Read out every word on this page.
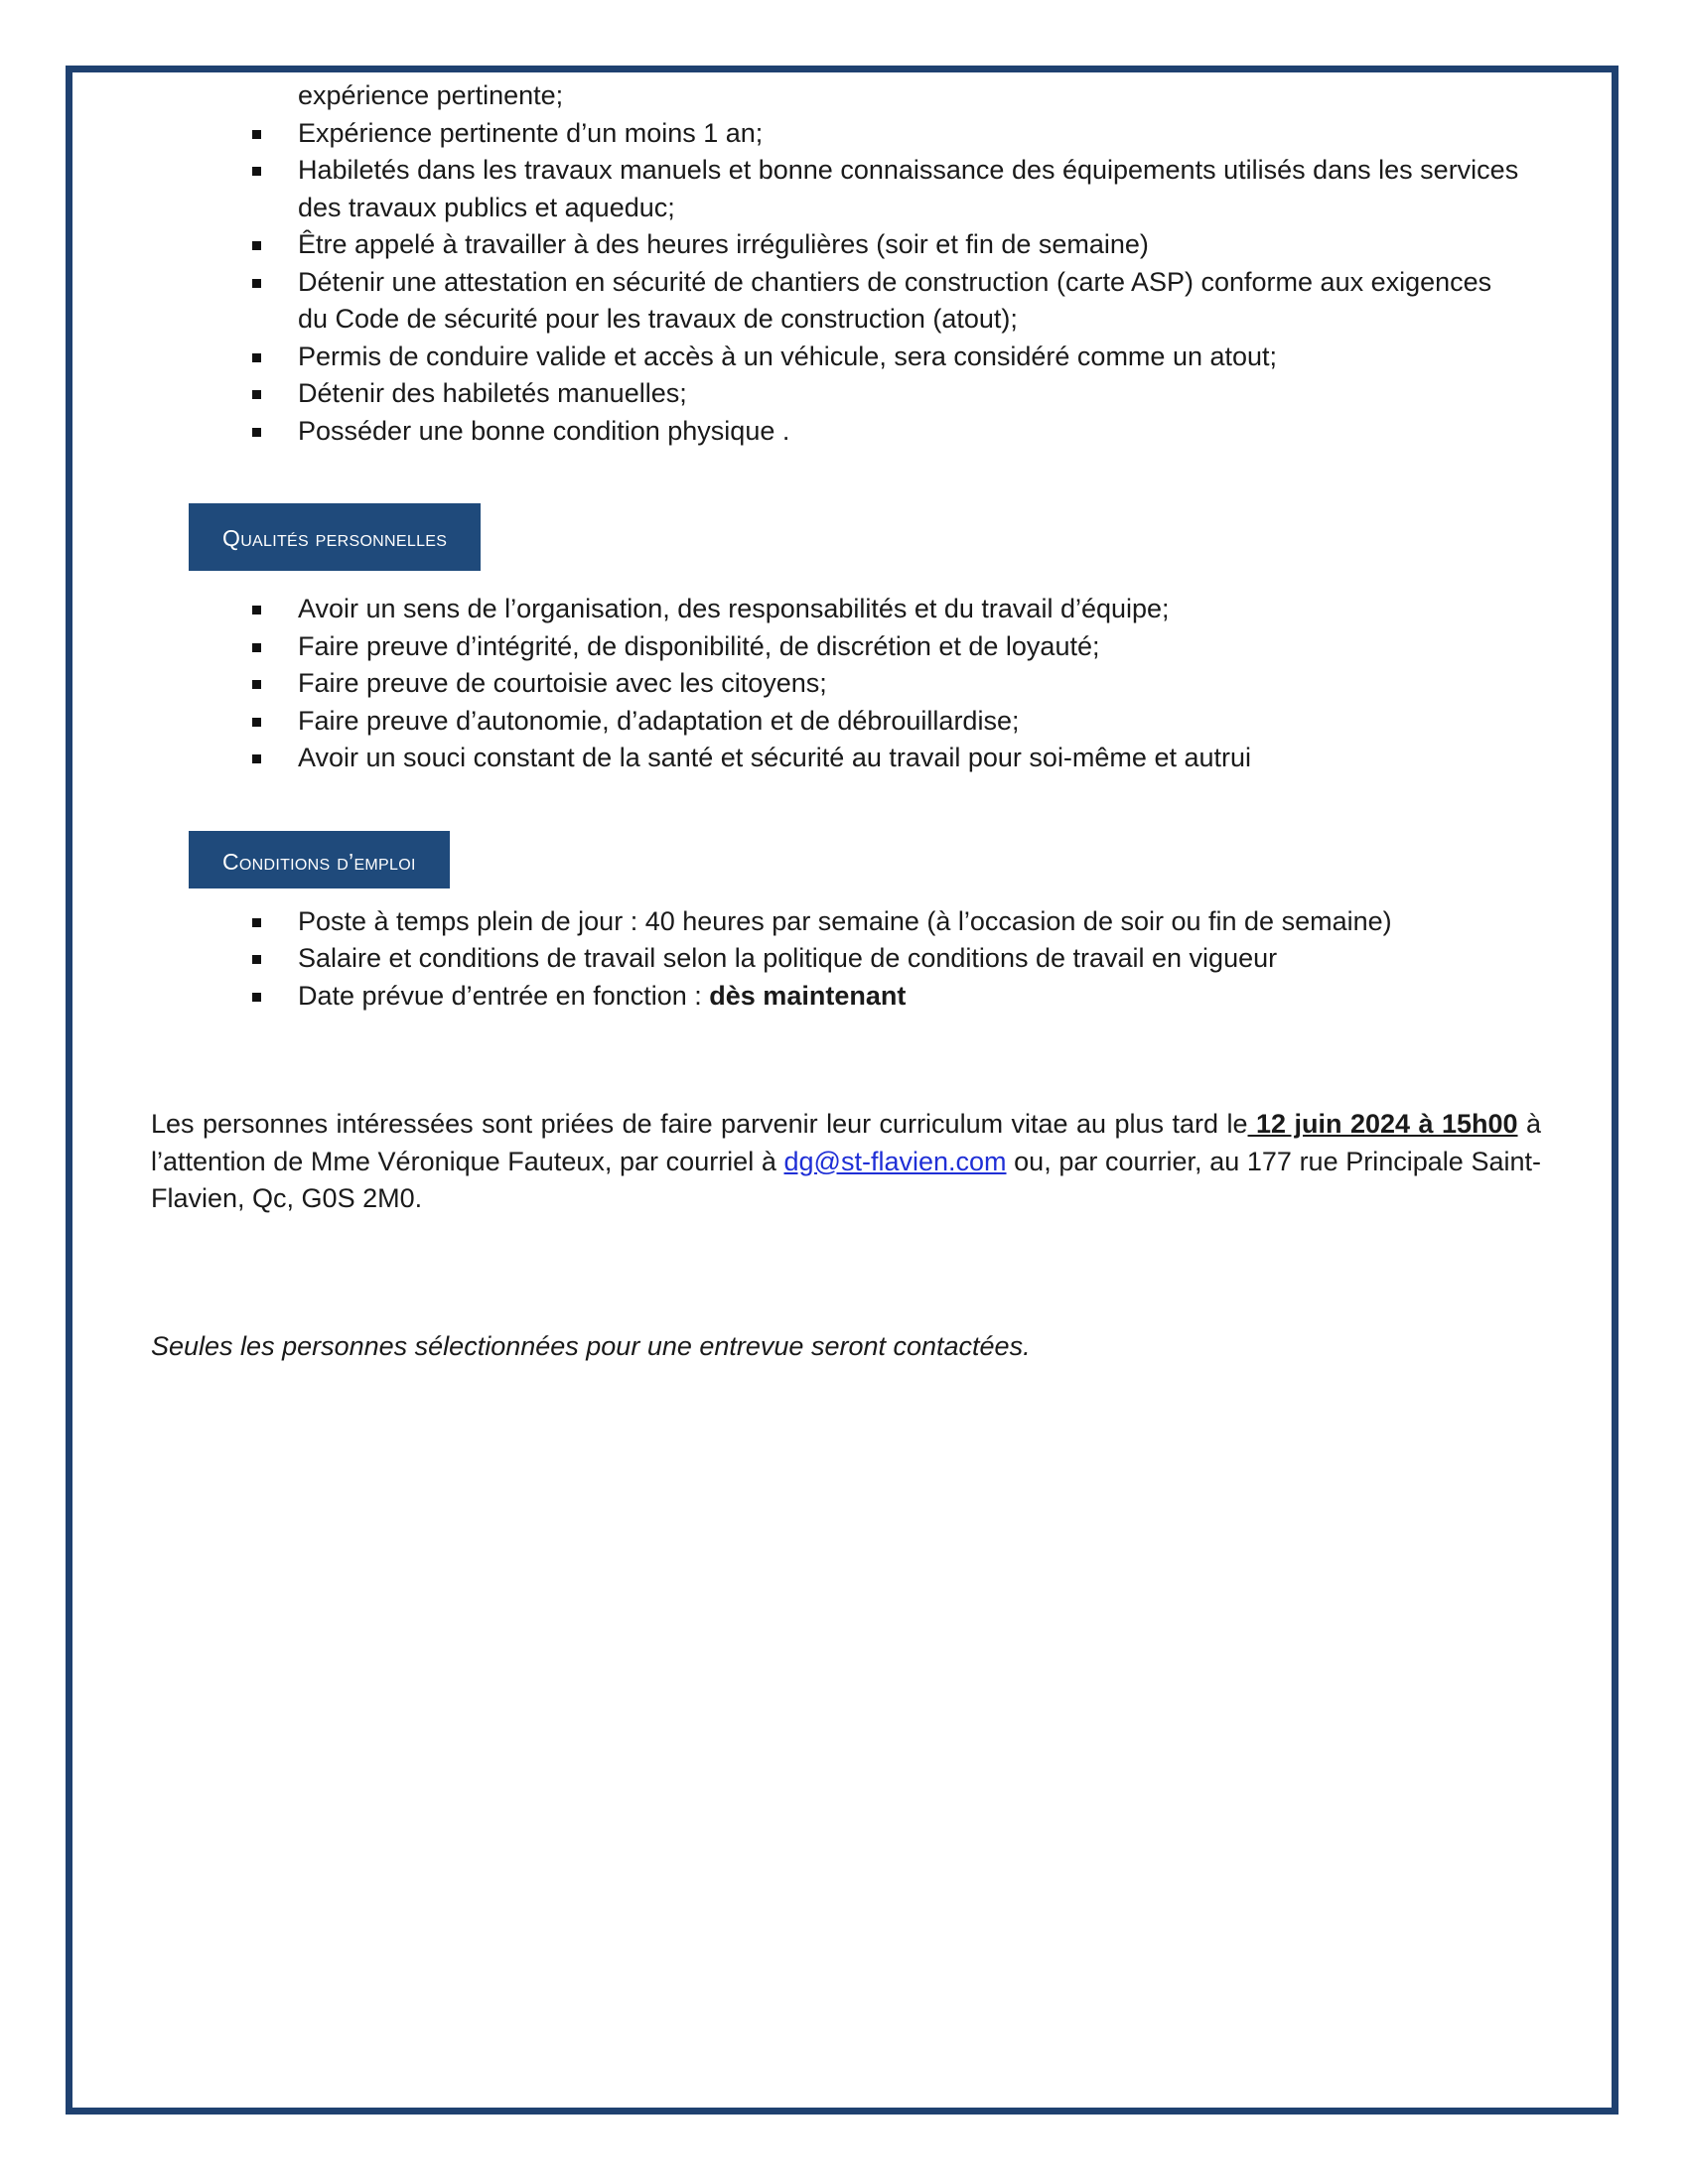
expérience pertinente;
Expérience pertinente d’un moins 1 an;
Habiletés dans les travaux manuels et bonne connaissance des équipements utilisés dans les services
des travaux publics et aqueduc;
Être appelé à travailler à des heures irrégulières (soir et fin de semaine)
Détenir une attestation en sécurité de chantiers de construction (carte ASP) conforme aux exigences
du Code de sécurité pour les travaux de construction (atout);
Permis de conduire valide et accès à un véhicule, sera considéré comme un atout;
Détenir des habiletés manuelles;
Posséder une bonne condition physique .
Qualités personnelles
Avoir un sens de l’organisation, des responsabilités et du travail d’équipe;
Faire preuve d’intégrité, de disponibilité, de discrétion et de loyauté;
Faire preuve de courtoisie avec les citoyens;
Faire preuve d’autonomie, d’adaptation et de débrouillardise;
Avoir un souci constant de la santé et sécurité au travail pour soi-même et autrui
Conditions d’emploi
Poste à temps plein de jour : 40 heures par semaine (à l’occasion de soir ou fin de semaine)
Salaire et conditions de travail selon la politique de conditions de travail en vigueur
Date prévue d’entrée en fonction : dès maintenant

Les personnes intéressées sont priées de faire parvenir leur curriculum vitae au plus tard le 12 juin 2024 à 15h00 à l’attention de Mme Véronique Fauteux, par courriel à dg@st-flavien.com ou, par courrier, au 177 rue Principale Saint-Flavien, Qc, G0S 2M0.

Seules les personnes sélectionnées pour une entrevue seront contactées.
